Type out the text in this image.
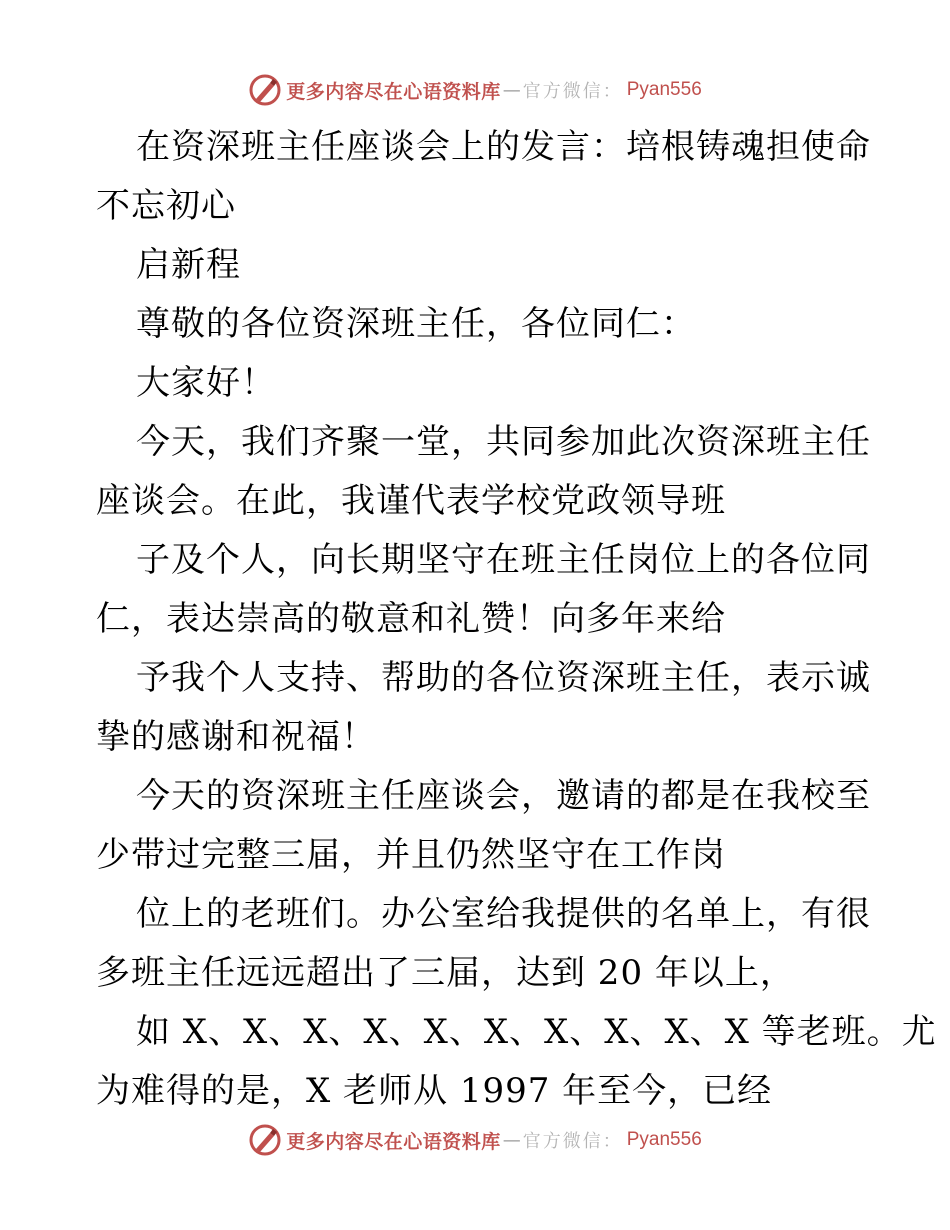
更多内容尽在心语资料库 — 官方微信： Pyan556
在资深班主任座谈会上的发言：培根铸魂担使命
不忘初心
启新程
尊敬的各位资深班主任，各位同仁：
大家好！
今天，我们齐聚一堂，共同参加此次资深班主任
座谈会。在此，我谨代表学校党政领导班
子及个人，向长期坚守在班主任岗位上的各位同
仁，表达崇高的敬意和礼赞！向多年来给
予我个人支持、帮助的各位资深班主任，表示诚
挚的感谢和祝福！
今天的资深班主任座谈会，邀请的都是在我校至
少带过完整三届，并且仍然坚守在工作岗
位上的老班们。办公室给我提供的名单上，有很
多班主任远远超出了三届，达到 20 年以上，
如 X、X、X、X、X、X、X、X、X、X 等老班。尤
为难得的是，X 老师从 1997 年至今，已经
更多内容尽在心语资料库 — 官方微信： Pyan556
